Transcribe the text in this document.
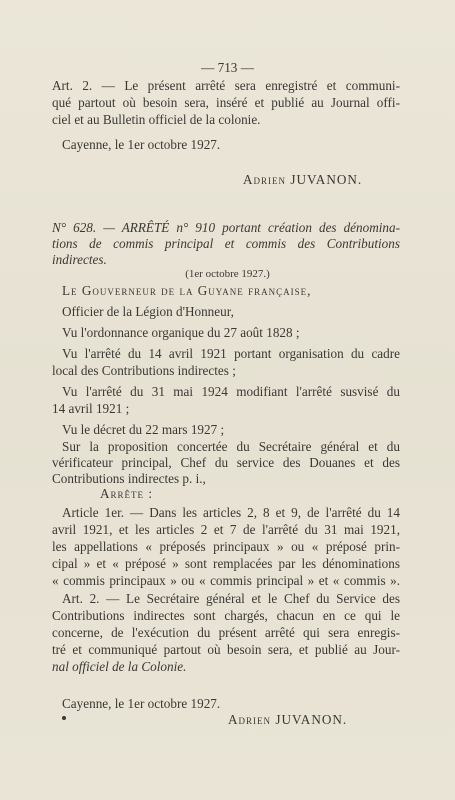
— 713 —
Art. 2. — Le présent arrêté sera enregistré et communi-
qué partout où besoin sera, inséré et publié au Journal offi-
ciel et au Bulletin officiel de la colonie.
Cayenne, le 1er octobre 1927.
Adrien JUVANON.
N° 628. — ARRÊTÉ n° 910 portant création des dénomina-
tions de commis principal et commis des Contributions
indirectes.
(1er octobre 1927.)
Le Gouverneur de la Guyane française,
Officier de la Légion d'Honneur,
Vu l'ordonnance organique du 27 août 1828 ;
Vu l'arrêté du 14 avril 1921 portant organisation du cadre
local des Contributions indirectes ;
Vu l'arrêté du 31 mai 1924 modifiant l'arrêté susvisé du
14 avril 1921 ;
Vu le décret du 22 mars 1927 ;
Sur la proposition concertée du Secrétaire général et du
vérificateur principal, Chef du service des Douanes et des
Contributions indirectes p. i.,
Arrête :
Article 1er. — Dans les articles 2, 8 et 9, de l'arrêté du 14
avril 1921, et les articles 2 et 7 de l'arrêté du 31 mai 1921,
les appellations « préposés principaux » ou « préposé prin-
cipal » et « préposé » sont remplacées par les dénominations
« commis principaux » ou « commis principal » et « commis ».
Art. 2. — Le Secrétaire général et le Chef du Service des
Contributions indirectes sont chargés, chacun en ce qui le
concerne, de l'exécution du présent arrêté qui sera enregis-
tré et communiqué partout où besoin sera, et publié au Jour-
nal officiel de la Colonie.
Cayenne, le 1er octobre 1927.
Adrien JUVANON.
